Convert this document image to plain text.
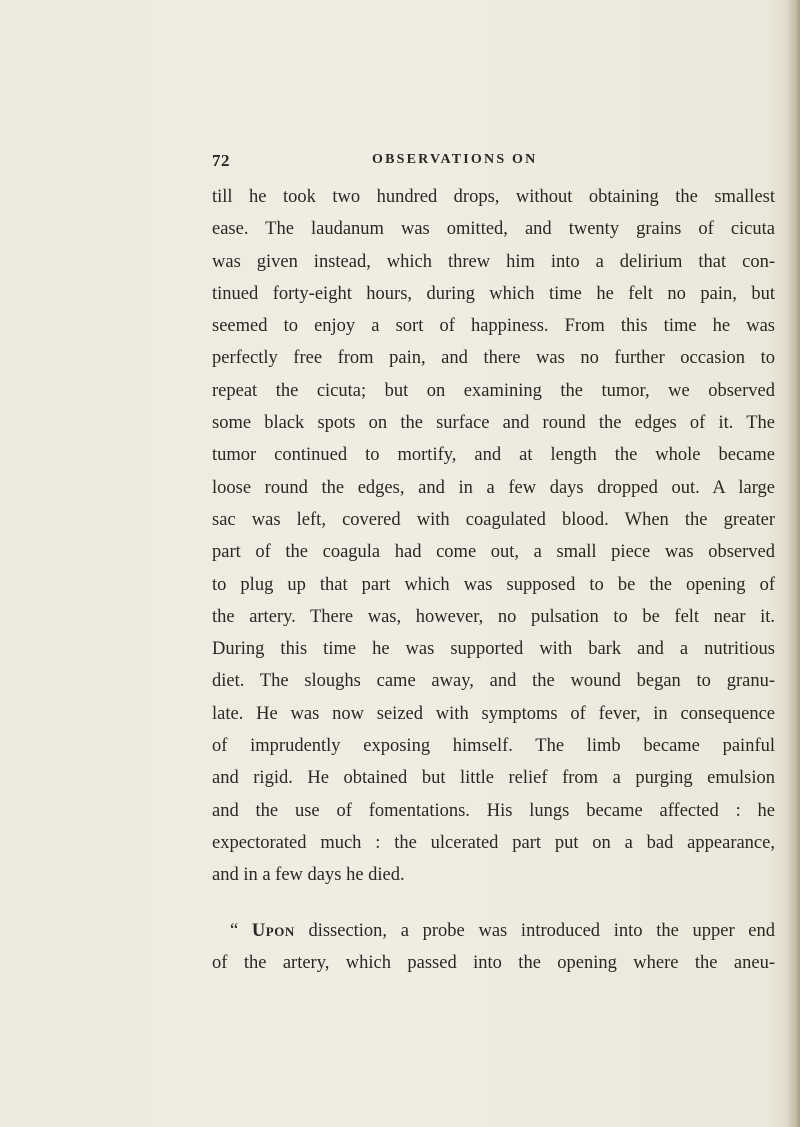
72	OBSERVATIONS ON
till he took two hundred drops, without obtaining the smallest
ease. The laudanum was omitted, and twenty grains of cicuta
was given instead, which threw him into a delirium that con-
tinued forty-eight hours, during which time he felt no pain, but
seemed to enjoy a sort of happiness. From this time he was
perfectly free from pain, and there was no further occasion to
repeat the cicuta; but on examining the tumor, we observed
some black spots on the surface and round the edges of it. The
tumor continued to mortify, and at length the whole became
loose round the edges, and in a few days dropped out. A large
sac was left, covered with coagulated blood. When the greater
part of the coagula had come out, a small piece was observed
to plug up that part which was supposed to be the opening of
the artery. There was, however, no pulsation to be felt near it.
During this time he was supported with bark and a nutritious
diet. The sloughs came away, and the wound began to granu-
late. He was now seized with symptoms of fever, in consequence
of imprudently exposing himself. The limb became painful
and rigid. He obtained but little relief from a purging emulsion
and the use of fomentations. His lungs became affected : he
expectorated much : the ulcerated part put on a bad appearance,
and in a few days he died.
“ Upon dissection, a probe was introduced into the upper end
of the artery, which passed into the opening where the aneu-
